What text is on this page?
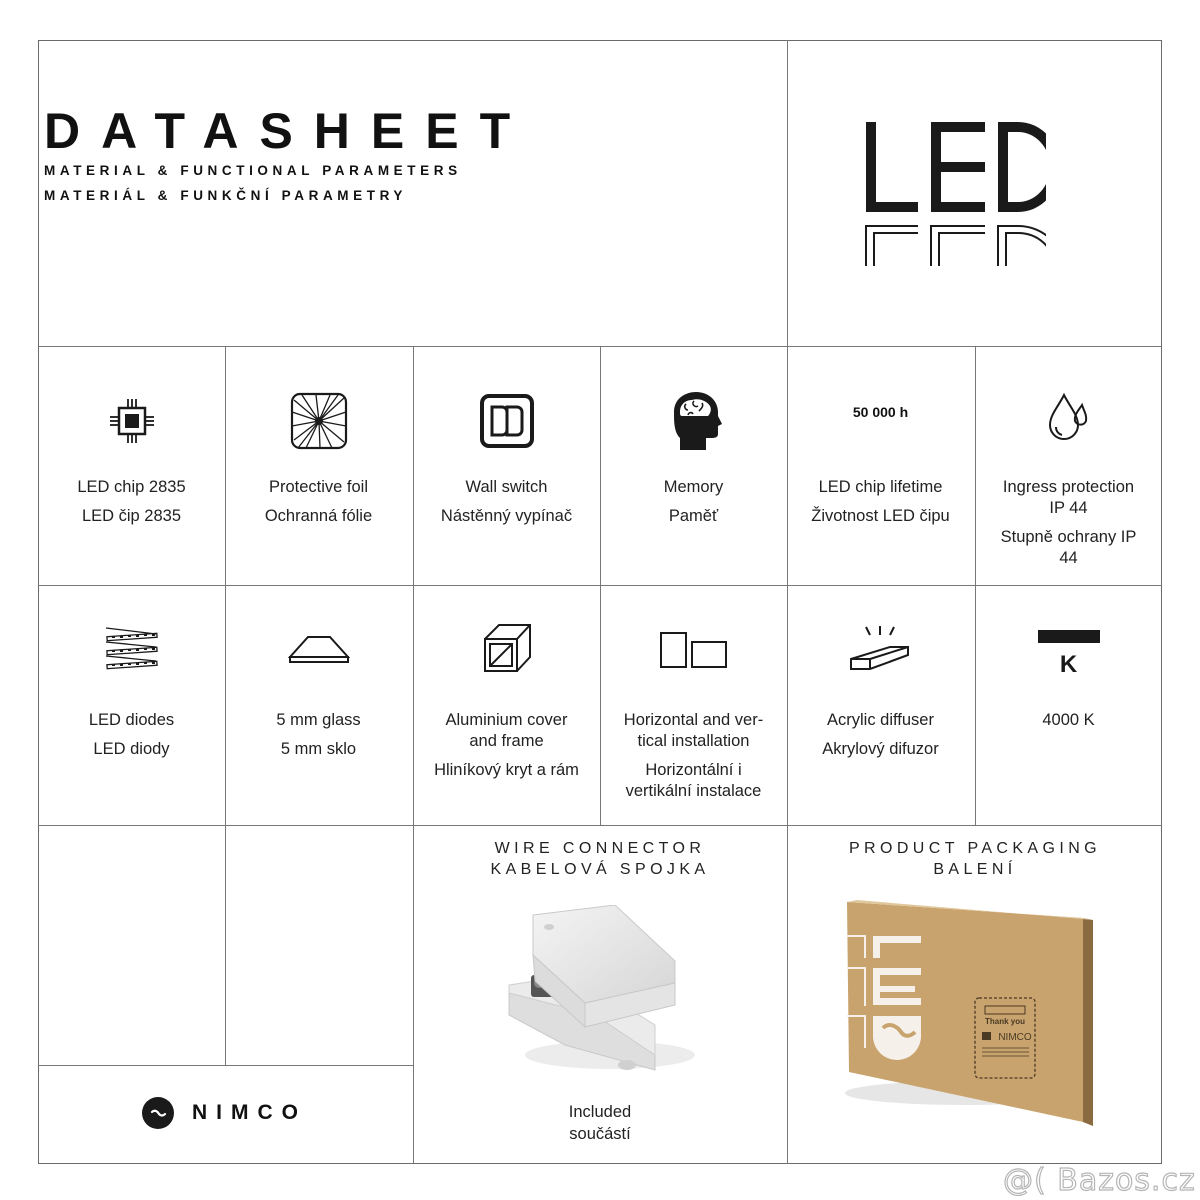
DATASHEET
MATERIAL & FUNCTIONAL PARAMETERS
MATERIÁL & FUNKČNÍ PARAMETRY
LED chip 2835
LED čip 2835
Protective foil
Ochranná fólie
Wall switch
Nástěnný vypínač
Memory
Paměť
50 000 h
LED chip lifetime
Životnost LED čipu
Ingress protection
IP 44
Stupně ochrany IP
44
LED diodes
LED diody
5 mm glass
5 mm sklo
Aluminium cover
and frame
Hliníkový kryt a rám
Horizontal and ver-
tical installation
Horizontální i
vertikální instalace
Acrylic diffuser
Akrylový difuzor
K
4000 K
WIRE CONNECTOR
KABELOVÁ SPOJKA
Included
součástí
PRODUCT PACKAGING
BALENÍ
Thank you
NIMCO
NIMCO
@( Bazos.cz
